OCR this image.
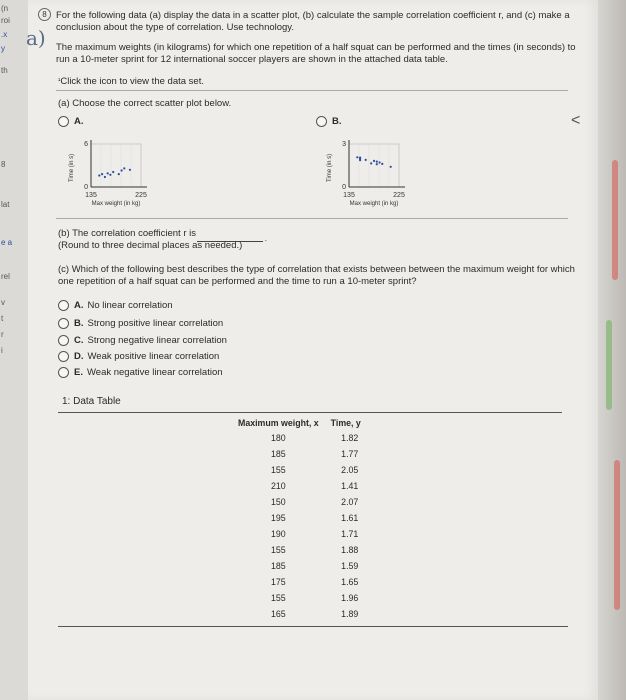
(n
roi
.x
y
th
8
lat
e a
rel
v
t
r
i
8
a)
For the following data (a) display the data in a scatter plot, (b) calculate the sample correlation coefficient r, and (c) make a
conclusion about the type of correlation. Use technology.
The maximum weights (in kilograms) for which one repetition of a half squat can be performed and the times (in seconds) to
run a 10-meter sprint for 12 international soccer players are shown in the attached data table.
$^{^1}$Click the icon to view the data set.
(a) Choose the correct scatter plot below.
A.	B.	<
Time (in s)
6
0
135	225
Max weight (in kg)
Time (in s)
3
0
135	225
Max weight (in kg)
(b) The correlation coefficient r is	.
(Round to three decimal places as needed.)
(c) Which of the following best describes the type of correlation that exists between between the maximum weight for which
one repetition of a half squat can be performed and the time to run a 10-meter sprint?
A. No linear correlation
B. Strong positive linear correlation
C. Strong negative linear correlation
D. Weak positive linear correlation
E. Weak negative linear correlation
1: Data Table
Maximum weight, x	Time, y
180	1.82
185	1.77
155	2.05
210	1.41
150	2.07
195	1.61
190	1.71
155	1.88
185	1.59
175	1.65
155	1.96
165	1.89
